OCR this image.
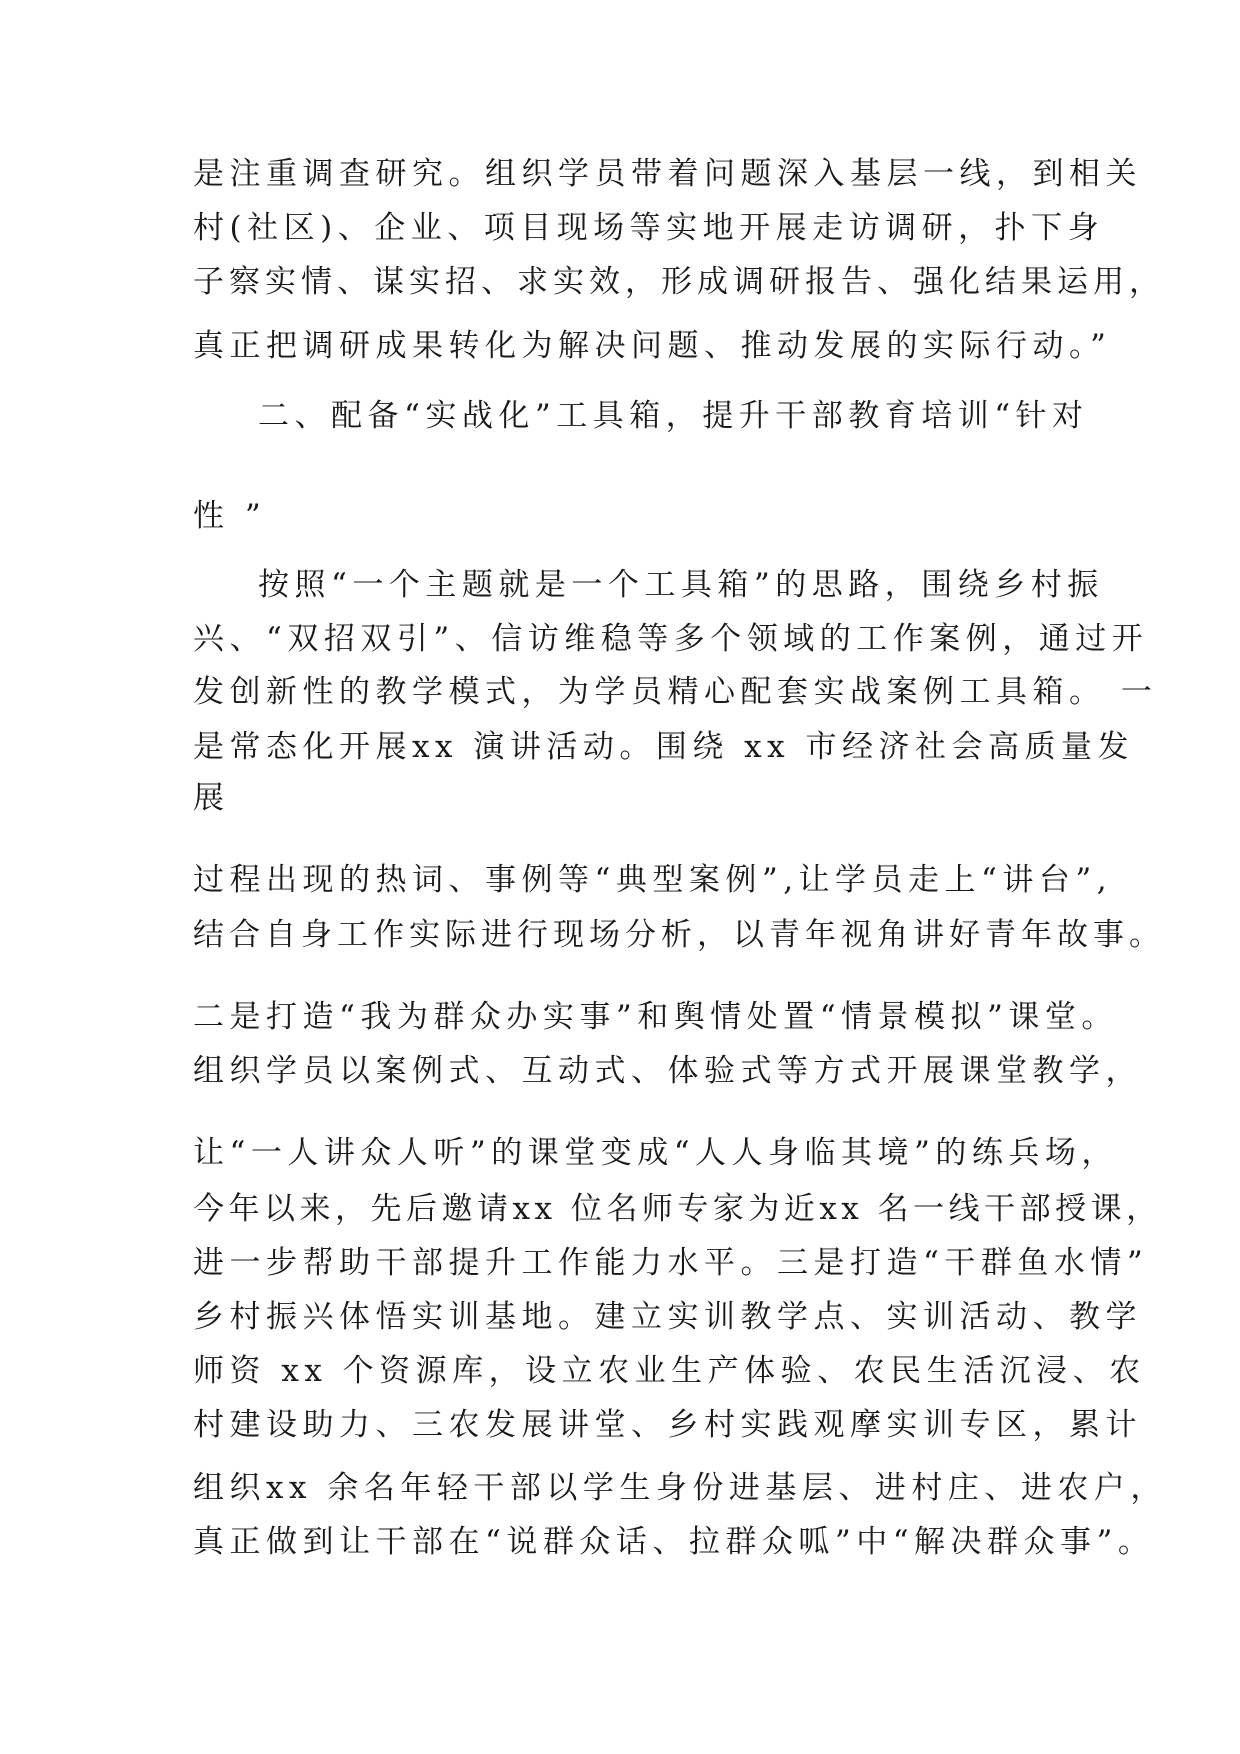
是注重调查研究。组织学员带着问题深入基层一线，到相关
村(社区)、企业、项目现场等实地开展走访调研，扑下身
子察实情、谋实招、求实效，形成调研报告、强化结果运用，
真正把调研成果转化为解决问题、推动发展的实际行动。”
二、配备“实战化”工具箱，提升干部教育培训“针对
性 ”
按照“一个主题就是一个工具箱”的思路，围绕乡村振
兴、“双招双引”、信访维稳等多个领域的工作案例，通过开
发创新性的教学模式，为学员精心配套实战案例工具箱。 一
是常态化开展xx 演讲活动。围绕 xx 市经济社会高质量发
展
过程出现的热词、事例等“典型案例”,让学员走上“讲台”,
结合自身工作实际进行现场分析，以青年视角讲好青年故事。
二是打造“我为群众办实事”和舆情处置“情景模拟”课堂。
组织学员以案例式、互动式、体验式等方式开展课堂教学，
让“一人讲众人听”的课堂变成“人人身临其境”的练兵场，
今年以来，先后邀请xx 位名师专家为近xx 名一线干部授课，
进一步帮助干部提升工作能力水平。三是打造“干群鱼水情”
乡村振兴体悟实训基地。建立实训教学点、实训活动、教学
师资 xx 个资源库，设立农业生产体验、农民生活沉浸、农
村建设助力、三农发展讲堂、乡村实践观摩实训专区，累计
组织xx 余名年轻干部以学生身份进基层、进村庄、进农户，
真正做到让干部在“说群众话、拉群众呱”中“解决群众事”。
